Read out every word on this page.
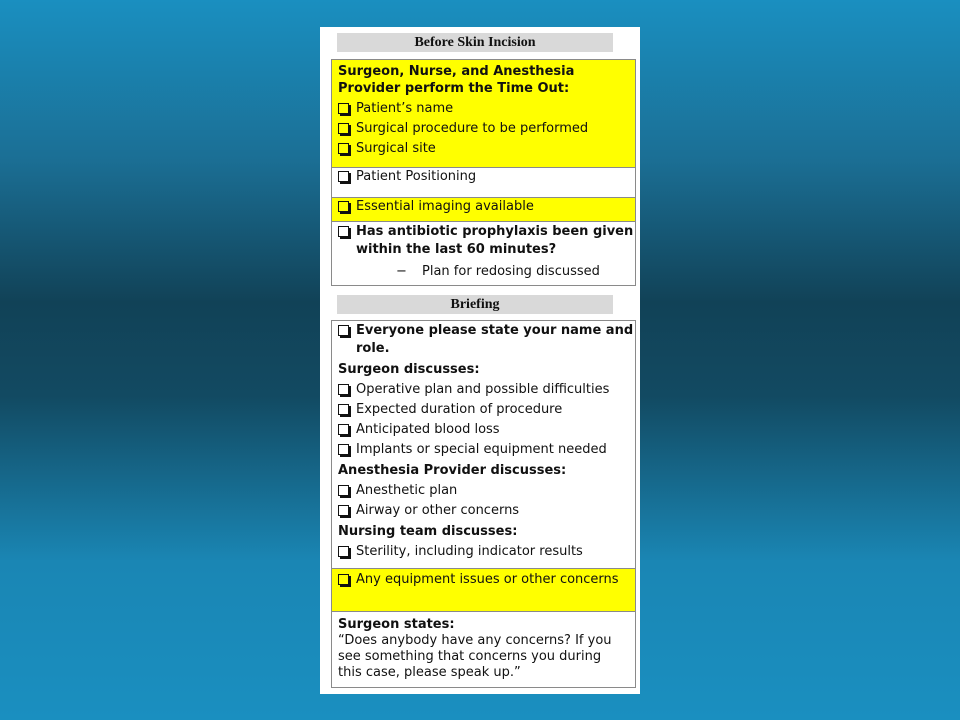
Before Skin Incision
Surgeon, Nurse, and Anesthesia Provider perform the Time Out:
Patient’s name
Surgical procedure to be performed
Surgical site
Patient Positioning
Essential imaging available
Has antibiotic prophylaxis been given within the last 60 minutes?
− Plan for redosing discussed
Briefing
Everyone please state your name and role.
Surgeon discusses:
Operative plan and possible difficulties
Expected duration of procedure
Anticipated blood loss
Implants or special equipment needed
Anesthesia Provider discusses:
Anesthetic plan
Airway or other concerns
Nursing team discusses:
Sterility, including indicator results
Any equipment issues or other concerns
Surgeon states:
“Does anybody have any concerns? If you see something that concerns you during this case, please speak up.”
